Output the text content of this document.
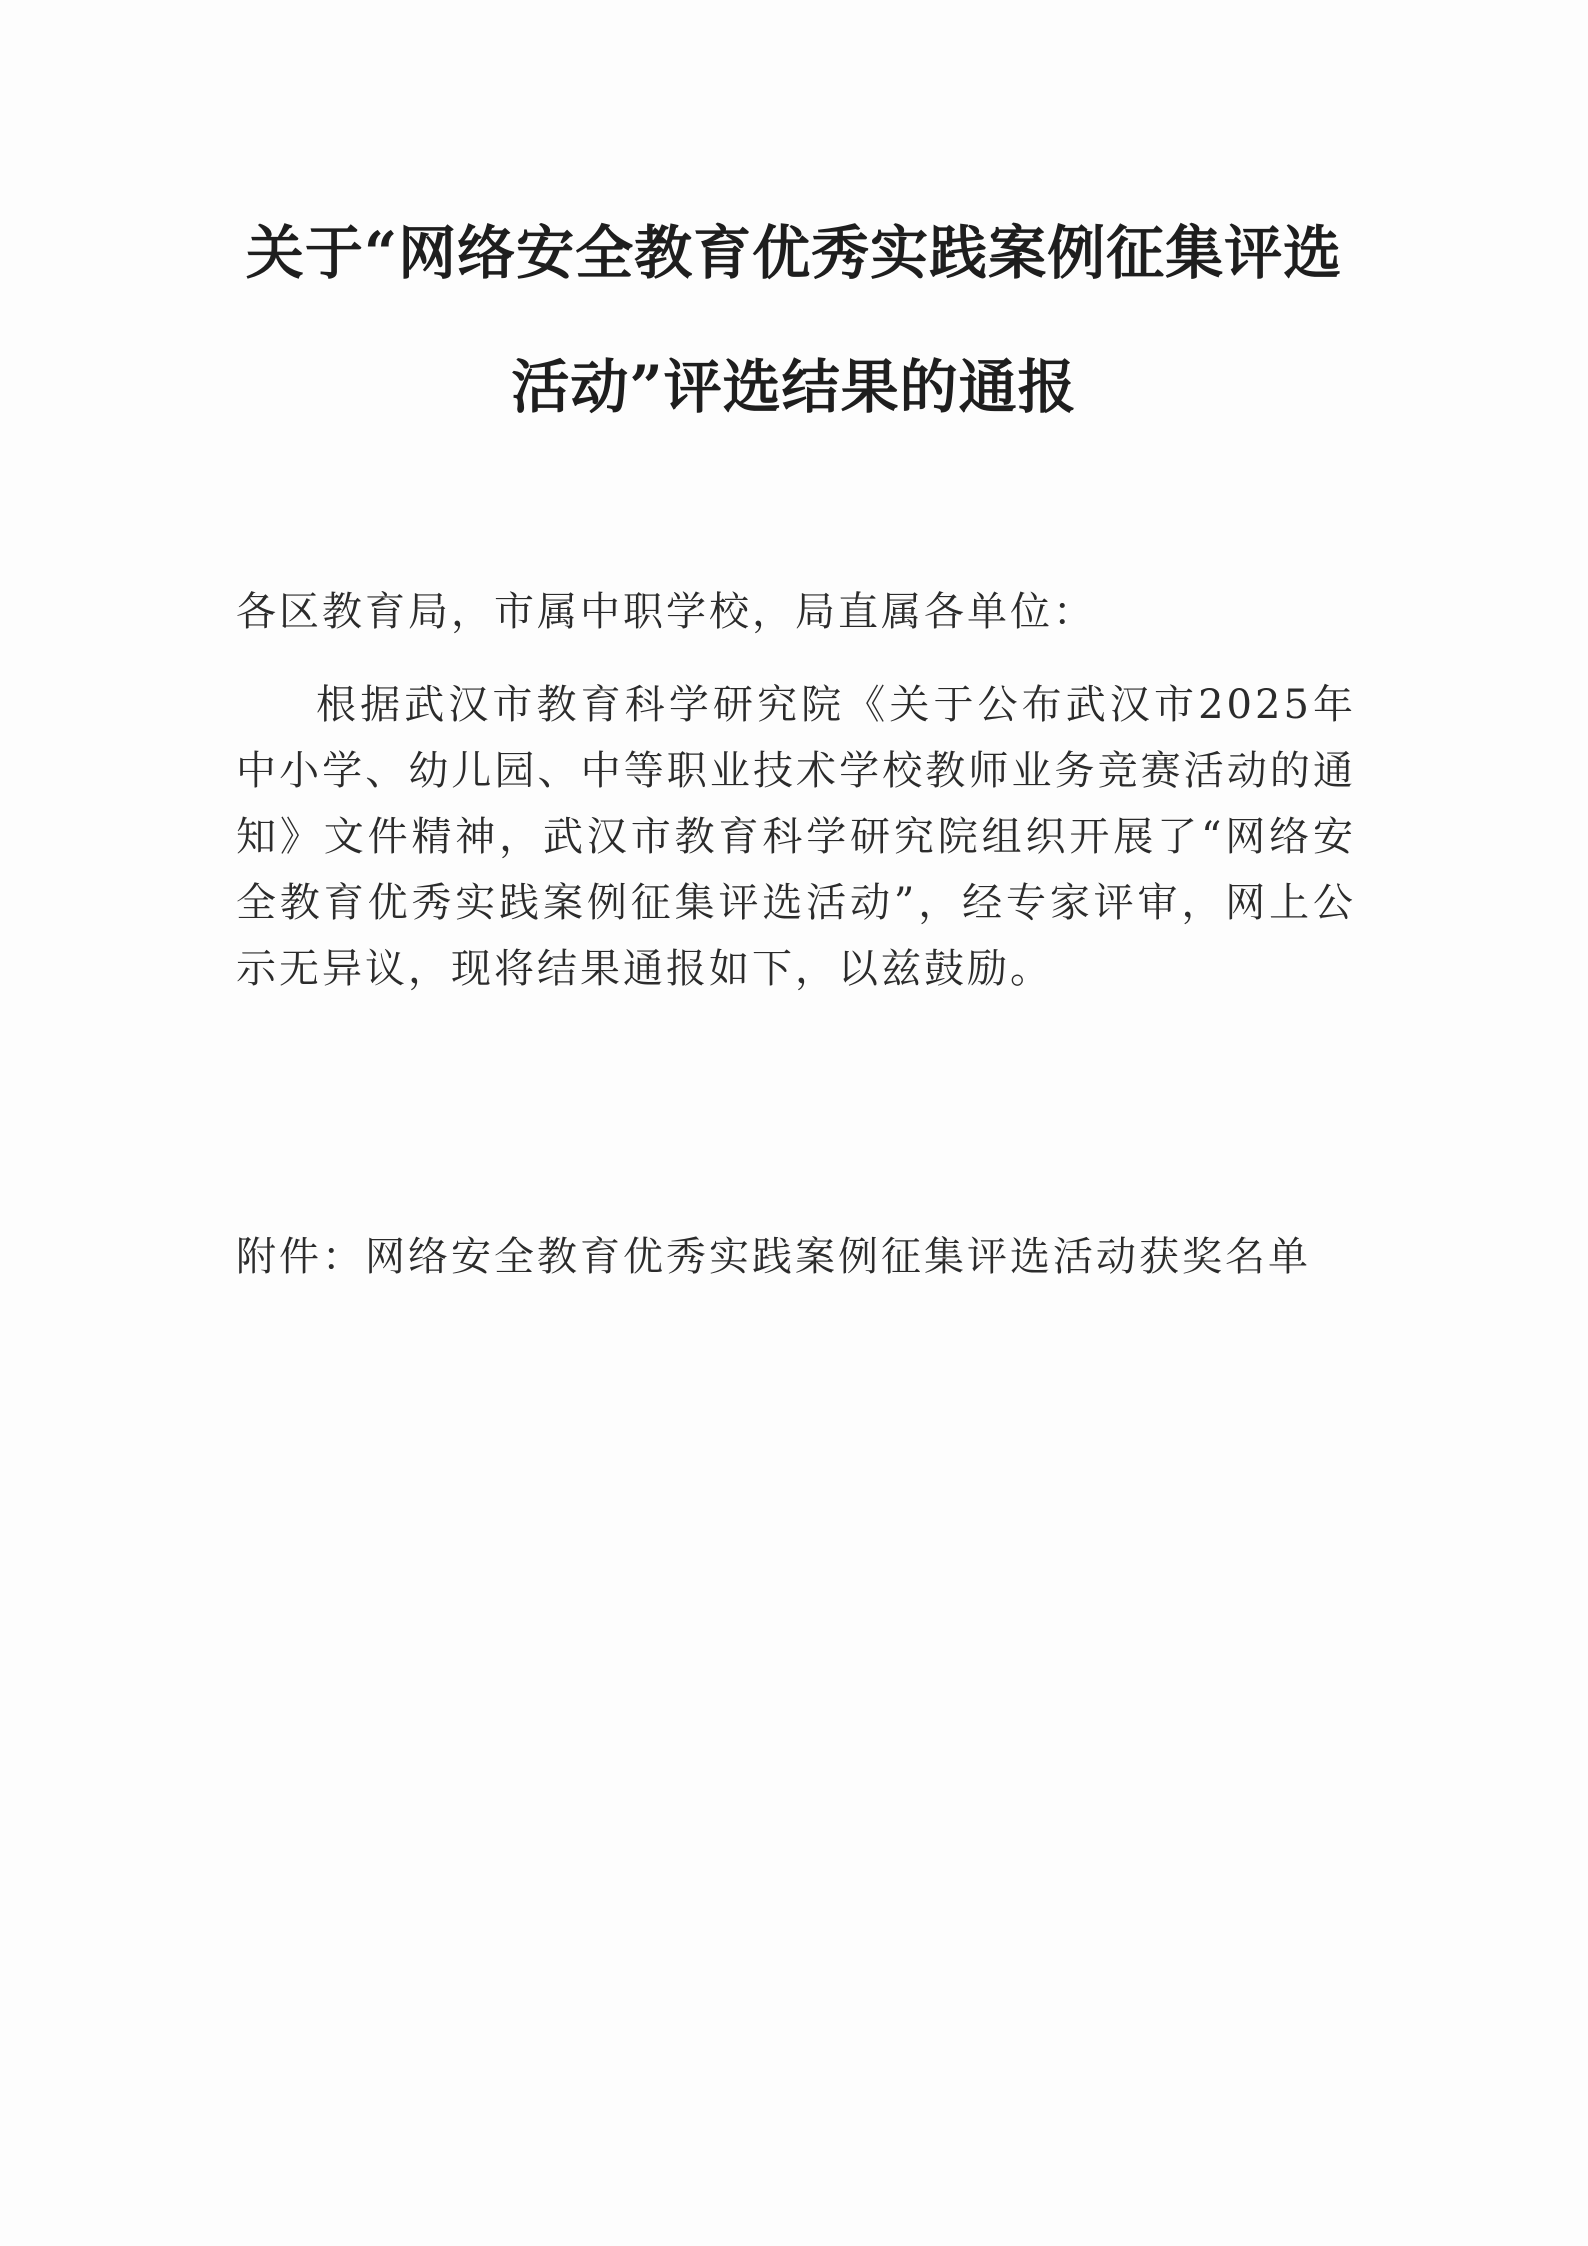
关于“网络安全教育优秀实践案例征集评选
活动”评选结果的通报

各区教育局，市属中职学校，局直属各单位：

根据武汉市教育科学研究院《关于公布武汉市2025年中小学、幼儿园、中等职业技术学校教师业务竞赛活动的通知》文件精神，武汉市教育科学研究院组织开展了“网络安全教育优秀实践案例征集评选活动”，经专家评审，网上公示无异议，现将结果通报如下，以兹鼓励。

附件：网络安全教育优秀实践案例征集评选活动获奖名单
